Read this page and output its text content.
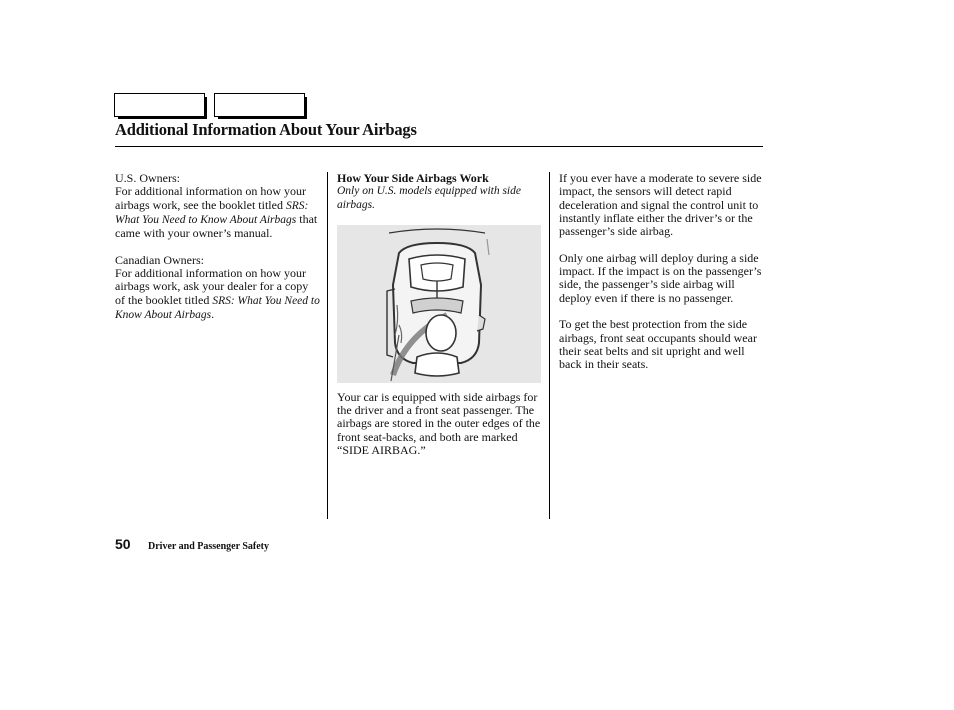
Additional Information About Your Airbags

U.S. Owners:

For additional information on how your airbags work, see the booklet titled SRS: What You Need to Know About Airbags that came with your owner’s manual.

Canadian Owners:

For additional information on how your airbags work, ask your dealer for a copy of the booklet titled SRS: What You Need to Know About Airbags.

How Your Side Airbags Work

Only on U.S. models equipped with side airbags.

Your car is equipped with side airbags for the driver and a front seat passenger. The airbags are stored in the outer edges of the front seat-backs, and both are marked “SIDE AIRBAG.”

If you ever have a moderate to severe side impact, the sensors will detect rapid deceleration and signal the control unit to instantly inflate either the driver’s or the passenger’s side airbag.

Only one airbag will deploy during a side impact. If the impact is on the passenger’s side, the passenger’s side airbag will deploy even if there is no passenger.

To get the best protection from the side airbags, front seat occupants should wear their seat belts and sit upright and well back in their seats.

50 Driver and Passenger Safety
